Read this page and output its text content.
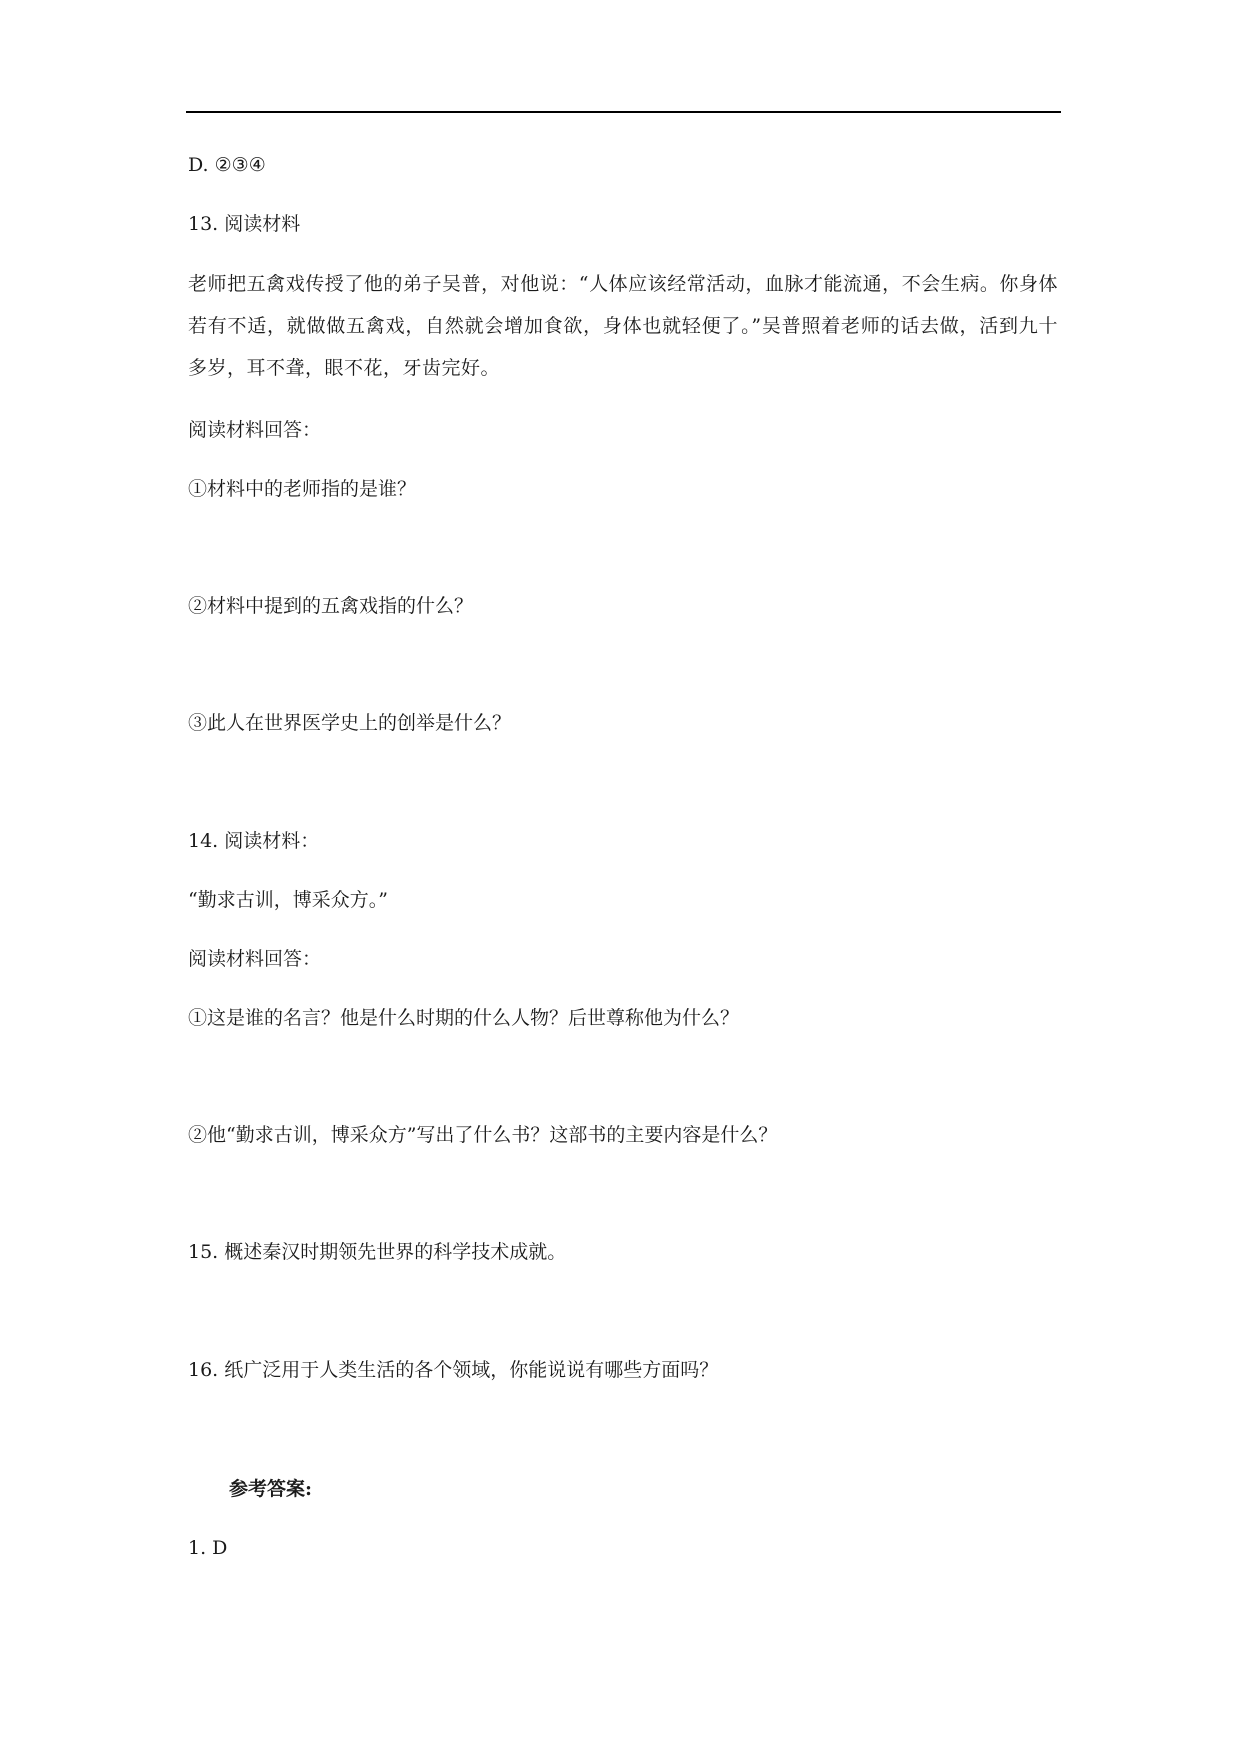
D. ②③④
13. 阅读材料
老师把五禽戏传授了他的弟子吴普，对他说：“人体应该经常活动，血脉才能流通，不会生病。你身体若有不适，就做做五禽戏，自然就会增加食欲，身体也就轻便了。”吴普照着老师的话去做，活到九十多岁，耳不聋，眼不花，牙齿完好。
阅读材料回答：
①材料中的老师指的是谁？
②材料中提到的五禽戏指的什么？
③此人在世界医学史上的创举是什么？
14. 阅读材料：
“勤求古训，博采众方。”
阅读材料回答：
①这是谁的名言？他是什么时期的什么人物？后世尊称他为什么？
②他“勤求古训，博采众方”写出了什么书？这部书的主要内容是什么？
15. 概述秦汉时期领先世界的科学技术成就。
16. 纸广泛用于人类生活的各个领域，你能说说有哪些方面吗？
参考答案:
1. D
